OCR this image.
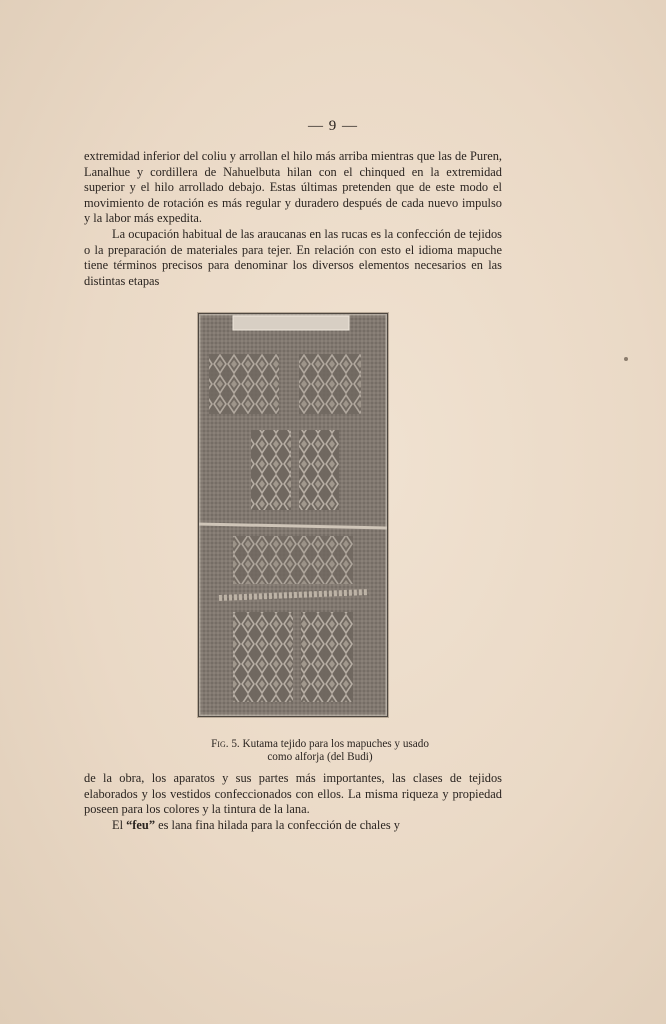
— 9 —

extremidad inferior del coliu y arrollan el hilo más arriba mientras que las de Puren, Lanalhue y cordillera de Nahuelbuta hilan con el chinqued en la extremidad superior y el hilo arrollado debajo. Estas últimas pretenden que de este modo el movimiento de rotación es más regular y duradero después de cada nuevo impulso y la labor más expedita.

La ocupación habitual de las araucanas en las rucas es la confección de tejidos o la preparación de materiales para tejer. En relación con esto el idioma mapuche tiene términos precisos para denominar los diversos elementos necesarios en las distintas etapas

Fig. 5. Kutama tejido para los mapuches y usado
como alforja (del Budi)

de la obra, los aparatos y sus partes más importantes, las clases de tejidos elaborados y los vestidos confeccionados con ellos. La misma riqueza y propiedad poseen para los colores y la tintura de la lana.

El “feu” es lana fina hilada para la confección de chales y
